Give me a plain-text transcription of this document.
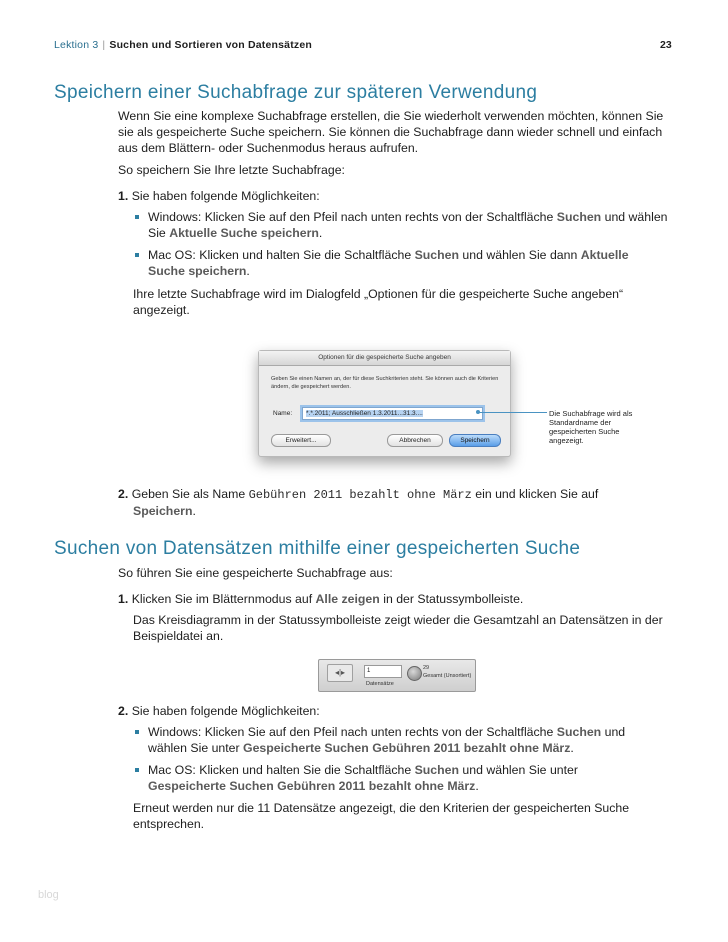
Lektion 3 | Suchen und Sortieren von Datensätzen	23
Speichern einer Suchabfrage zur späteren Verwendung
Wenn Sie eine komplexe Suchabfrage erstellen, die Sie wiederholt verwenden möchten, können Sie
sie als gespeicherte Suche speichern. Sie können die Suchabfrage dann wieder schnell und einfach
aus dem Blättern- oder Suchenmodus heraus aufrufen.
So speichern Sie Ihre letzte Suchabfrage:
1. Sie haben folgende Möglichkeiten:
Windows: Klicken Sie auf den Pfeil nach unten rechts von der Schaltfläche Suchen und wählen
Sie Aktuelle Suche speichern.
Mac OS: Klicken und halten Sie die Schaltfläche Suchen und wählen Sie dann Aktuelle
Suche speichern.
Ihre letzte Suchabfrage wird im Dialogfeld „Optionen für die gespeicherte Suche angeben“
angezeigt.
Optionen für die gespeicherte Suche angeben
Geben Sie einen Namen an, der für diese Suchkriterien steht. Sie können auch die Kriterien ändern, die gespeichert werden.
Name:	*.*.2011; Ausschließen 1.3.2011...31.3....
Erweitert...	Abbrechen	Speichern
Die Suchabfrage wird als
Standardname der
gespeicherten Suche
angezeigt.
2. Geben Sie als Name Gebühren 2011 bezahlt ohne März ein und klicken Sie auf
Speichern.
Suchen von Datensätzen mithilfe einer gespeicherten Suche
So führen Sie eine gespeicherte Suchabfrage aus:
1. Klicken Sie im Blätternmodus auf Alle zeigen in der Statussymbolleiste.
Das Kreisdiagramm in der Statussymbolleiste zeigt wieder die Gesamtzahl an Datensätzen in der
Beispieldatei an.
◂|▸	1
Datensätze
29
Gesamt (Unsortiert)
2. Sie haben folgende Möglichkeiten:
Windows: Klicken Sie auf den Pfeil nach unten rechts von der Schaltfläche Suchen und
wählen Sie unter Gespeicherte Suchen Gebühren 2011 bezahlt ohne März.
Mac OS: Klicken und halten Sie die Schaltfläche Suchen und wählen Sie unter
Gespeicherte Suchen Gebühren 2011 bezahlt ohne März.
Erneut werden nur die 11 Datensätze angezeigt, die den Kriterien der gespeicherten Suche
entsprechen.
blog
